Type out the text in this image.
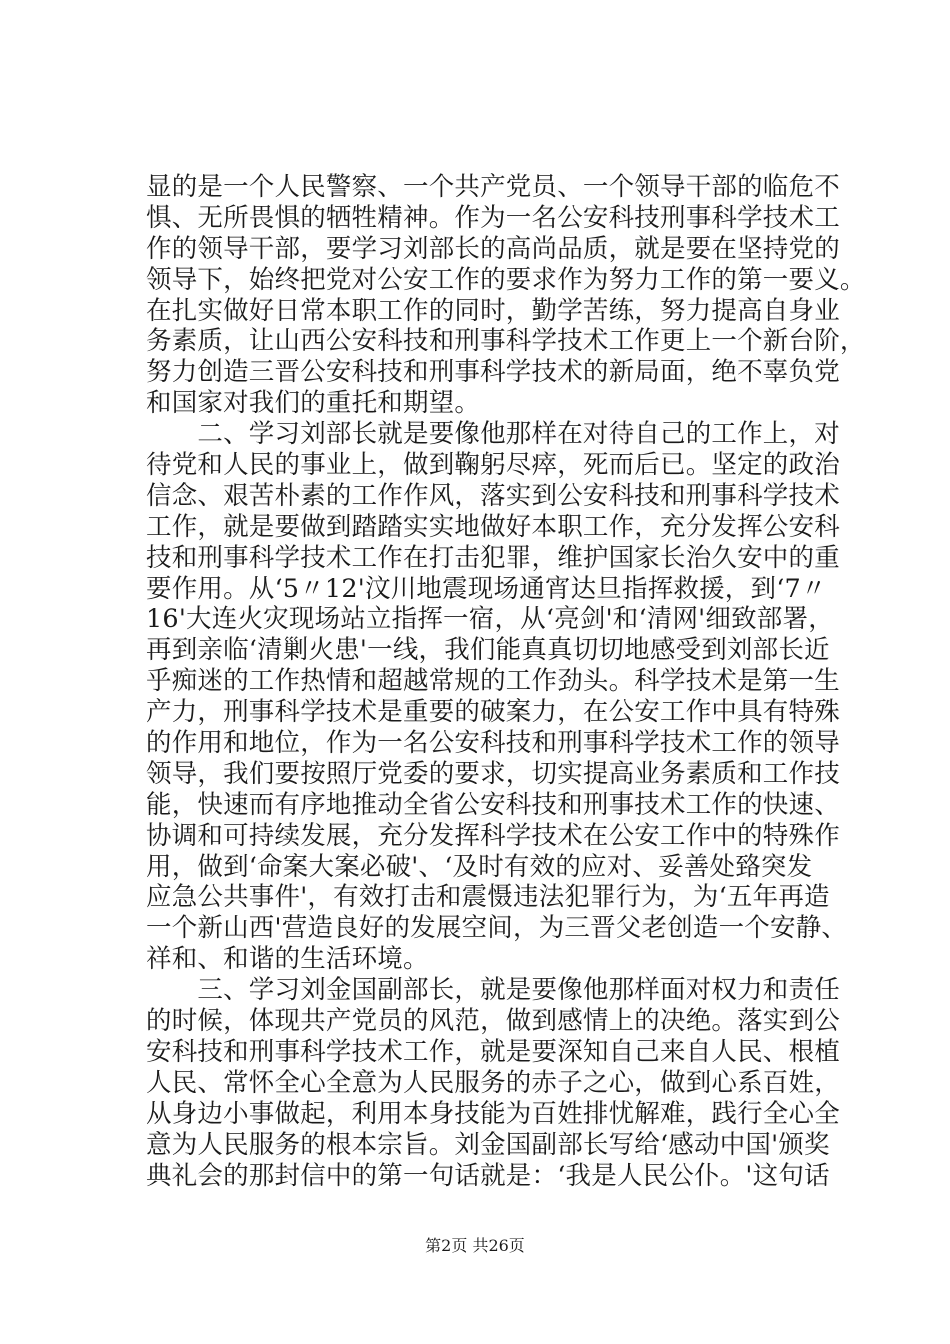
显的是一个人民警察、一个共产党员、一个领导干部的临危不
惧、无所畏惧的牺牲精神。作为一名公安科技刑事科学技术工
作的领导干部，要学习刘部长的高尚品质，就是要在坚持党的
领导下，始终把党对公安工作的要求作为努力工作的第一要义。
在扎实做好日常本职工作的同时，勤学苦练，努力提高自身业
务素质，让山西公安科技和刑事科学技术工作更上一个新台阶，
努力创造三晋公安科技和刑事科学技术的新局面，绝不辜负党
和国家对我们的重托和期望。
　　二、学习刘部长就是要像他那样在对待自己的工作上，对
待党和人民的事业上，做到鞠躬尽瘁，死而后已。坚定的政治
信念、艰苦朴素的工作作风，落实到公安科技和刑事科学技术
工作，就是要做到踏踏实实地做好本职工作，充分发挥公安科
技和刑事科学技术工作在打击犯罪，维护国家长治久安中的重
要作用。从‘5〃12'汶川地震现场通宵达旦指挥救援，到‘7〃
16'大连火灾现场站立指挥一宿，从‘亮剑'和‘清网'细致部署，
再到亲临‘清剿火患'一线，我们能真真切切地感受到刘部长近
乎痴迷的工作热情和超越常规的工作劲头。科学技术是第一生
产力，刑事科学技术是重要的破案力，在公安工作中具有特殊
的作用和地位，作为一名公安科技和刑事科学技术工作的领导
领导，我们要按照厅党委的要求，切实提高业务素质和工作技
能，快速而有序地推动全省公安科技和刑事技术工作的快速、
协调和可持续发展，充分发挥科学技术在公安工作中的特殊作
用，做到‘命案大案必破'、‘及时有效的应对、妥善处臵突发
应急公共事件'，有效打击和震慑违法犯罪行为，为‘五年再造
一个新山西'营造良好的发展空间，为三晋父老创造一个安静、
祥和、和谐的生活环境。
　　三、学习刘金国副部长，就是要像他那样面对权力和责任
的时候，体现共产党员的风范，做到感情上的决绝。落实到公
安科技和刑事科学技术工作，就是要深知自己来自人民、根植
人民、常怀全心全意为人民服务的赤子之心，做到心系百姓，
从身边小事做起，利用本身技能为百姓排忧解难，践行全心全
意为人民服务的根本宗旨。刘金国副部长写给‘感动中国'颁奖
典礼会的那封信中的第一句话就是：‘我是人民公仆。'这句话
第2页 共26页
